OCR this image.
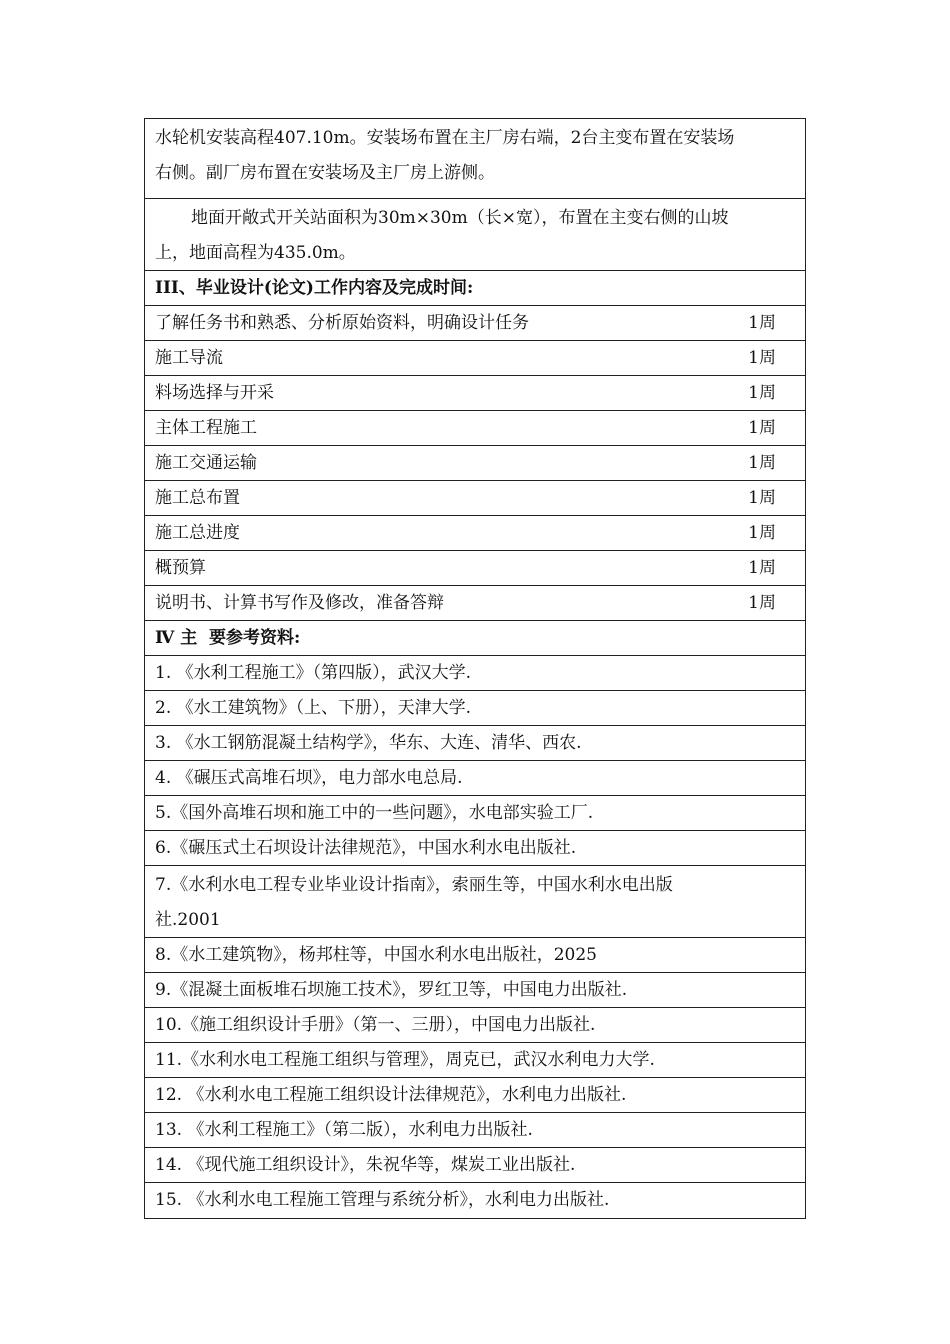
水轮机安装高程407.10m。安装场布置在主厂房右端，2台主变布置在安装场
右侧。副厂房布置在安装场及主厂房上游侧。
地面开敞式开关站面积为30m×30m（长×宽），布置在主变右侧的山坡
上，地面高程为435.0m。
III、毕业设计(论文)工作内容及完成时间:
了解任务书和熟悉、分析原始资料，明确设计任务	1周
施工导流	1周
料场选择与开采	1周
主体工程施工	1周
施工交通运输	1周
施工总布置	1周
施工总进度	1周
概预算	1周
说明书、计算书写作及修改，准备答辩	1周
Ⅳ 主  要参考资料:
1. 《水利工程施工》（第四版），武汉大学.
2. 《水工建筑物》（上、下册），天津大学.
3. 《水工钢筋混凝土结构学》，华东、大连、清华、西农.
4. 《碾压式高堆石坝》，电力部水电总局.
5.《国外高堆石坝和施工中的一些问题》，水电部实验工厂.
6.《碾压式土石坝设计法律规范》，中国水利水电出版社.
7.《水利水电工程专业毕业设计指南》，索丽生等，中国水利水电出版
社.2001
8.《水工建筑物》，杨邦柱等，中国水利水电出版社，2025
9.《混凝土面板堆石坝施工技术》，罗红卫等，中国电力出版社.
10.《施工组织设计手册》（第一、三册），中国电力出版社.
11.《水利水电工程施工组织与管理》，周克已，武汉水利电力大学.
12. 《水利水电工程施工组织设计法律规范》，水利电力出版社.
13. 《水利工程施工》（第二版），水利电力出版社.
14. 《现代施工组织设计》，朱祝华等，煤炭工业出版社.
15. 《水利水电工程施工管理与系统分析》，水利电力出版社.
